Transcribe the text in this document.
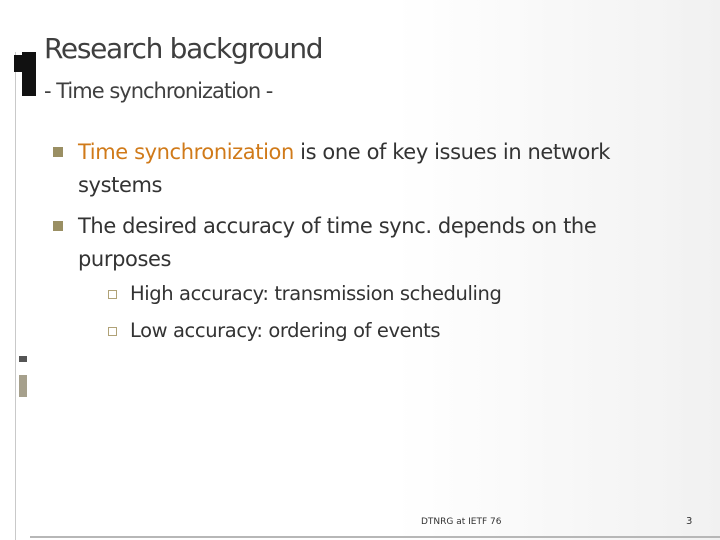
Research background
- Time synchronization -
Time synchronization is one of key issues in network systems
The desired accuracy of time sync. depends on the purposes
High accuracy: transmission scheduling
Low accuracy: ordering of events
DTNRG at IETF 76	3
